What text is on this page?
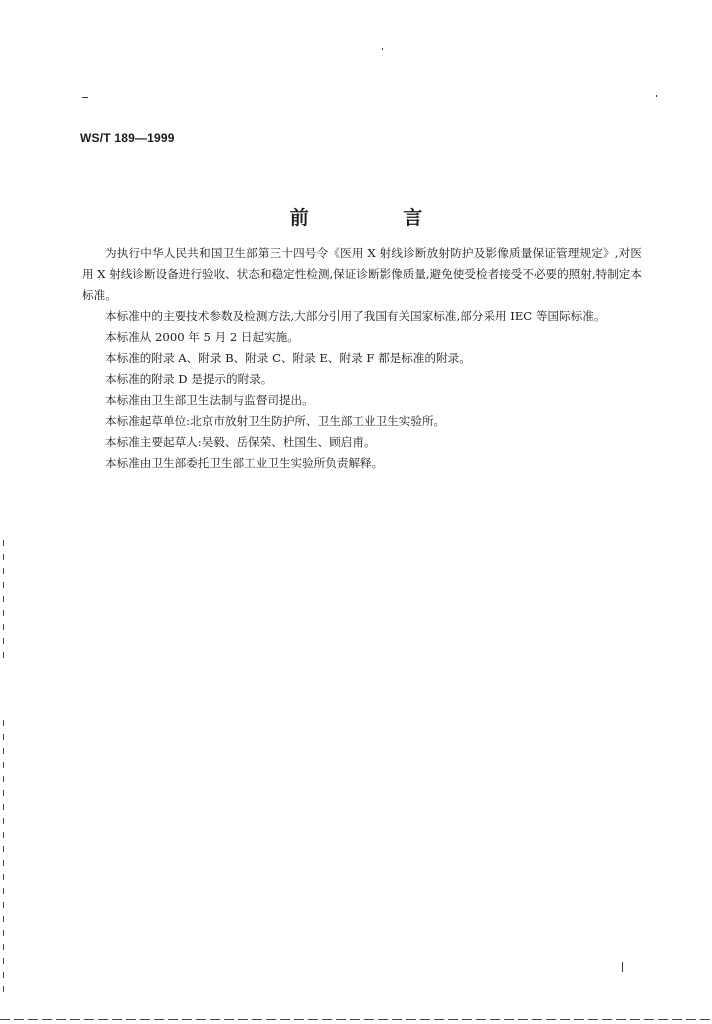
WS/T 189—1999
前 言

为执行中华人民共和国卫生部第三十四号令《医用 X 射线诊断放射防护及影像质量保证管理规定》,对医用 X 射线诊断设备进行验收、状态和稳定性检测,保证诊断影像质量,避免使受检者接受不必要的照射,特制定本标准。

本标准中的主要技术参数及检测方法,大部分引用了我国有关国家标准,部分采用 IEC 等国际标准。

本标准从 2000 年 5 月 2 日起实施。

本标准的附录 A、附录 B、附录 C、附录 E、附录 F 都是标准的附录。

本标准的附录 D 是提示的附录。

本标准由卫生部卫生法制与监督司提出。

本标准起草单位:北京市放射卫生防护所、卫生部工业卫生实验所。

本标准主要起草人:吴毅、岳保荣、杜国生、顾启甫。

本标准由卫生部委托卫生部工业卫生实验所负责解释。
